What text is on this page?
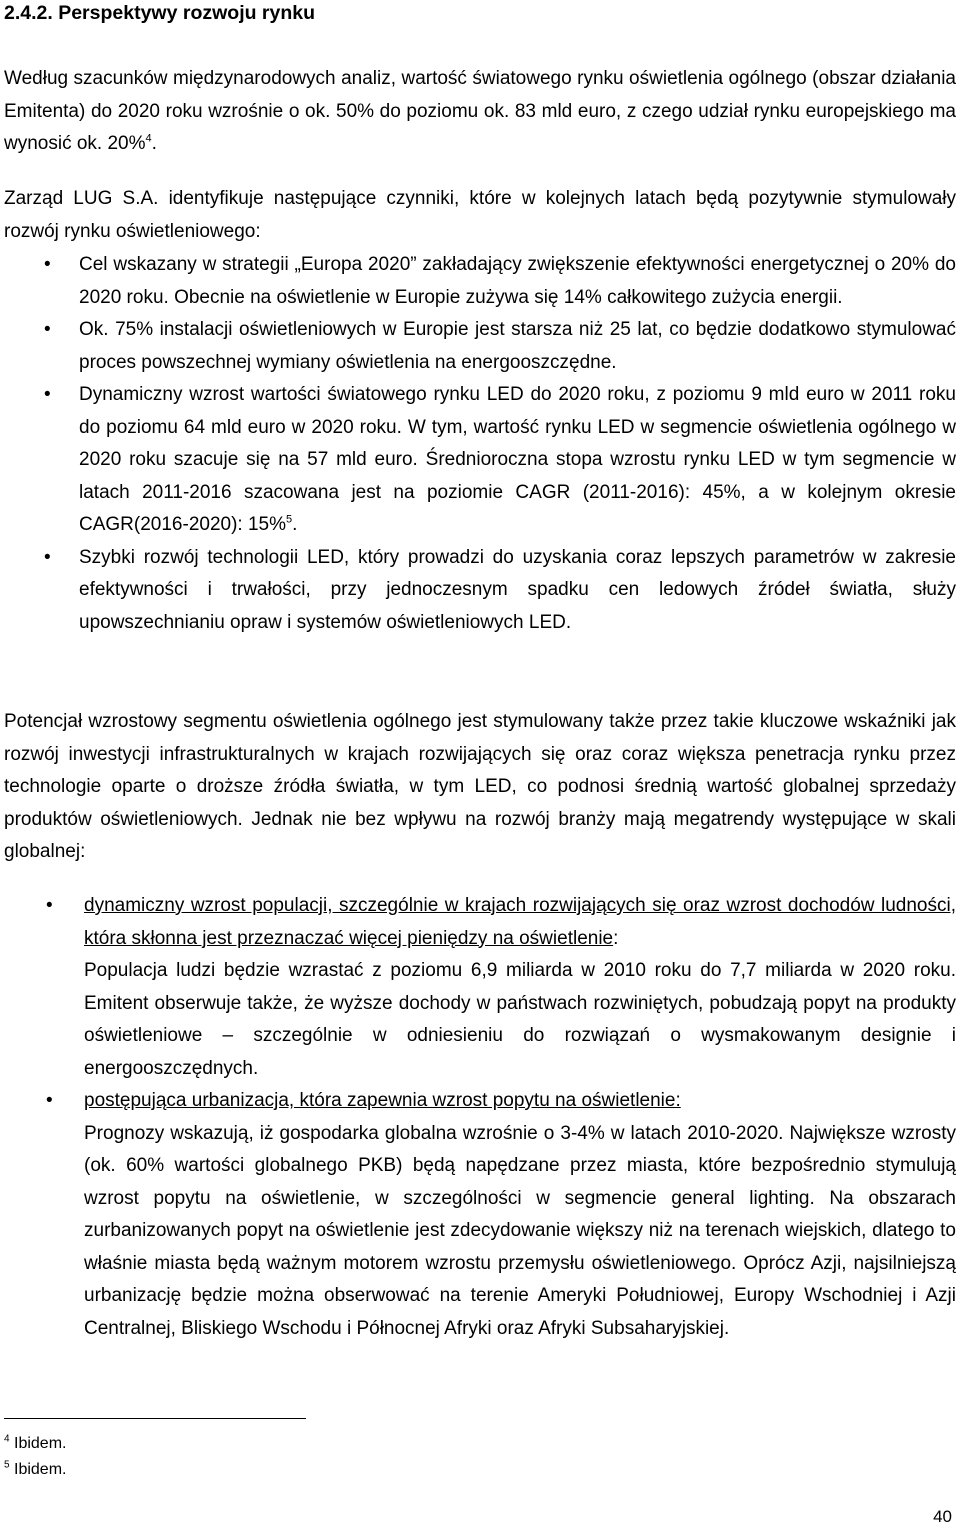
2.4.2. Perspektywy rozwoju rynku
Według szacunków międzynarodowych analiz, wartość światowego rynku oświetlenia ogólnego (obszar działania Emitenta) do 2020 roku wzrośnie o ok. 50% do poziomu ok. 83 mld euro, z czego udział rynku europejskiego ma wynosić ok. 20%$^4$.
Zarząd LUG S.A. identyfikuje następujące czynniki, które w kolejnych latach będą pozytywnie stymulowały rozwój rynku oświetleniowego:
• Cel wskazany w strategii „Europa 2020” zakładający zwiększenie efektywności energetycznej o 20% do 2020 roku. Obecnie na oświetlenie w Europie zużywa się 14% całkowitego zużycia energii.
• Ok. 75% instalacji oświetleniowych w Europie jest starsza niż 25 lat, co będzie dodatkowo stymulować proces powszechnej wymiany oświetlenia na energooszczędne.
• Dynamiczny wzrost wartości światowego rynku LED do 2020 roku, z poziomu 9 mld euro w 2011 roku do poziomu 64 mld euro w 2020 roku. W tym, wartość rynku LED w segmencie oświetlenia ogólnego w 2020 roku szacuje się na 57 mld euro. Średnioroczna stopa wzrostu rynku LED w tym segmencie w latach 2011-2016 szacowana jest na poziomie CAGR (2011-2016): 45%, a w kolejnym okresie CAGR(2016-2020): 15%$^5$.
• Szybki rozwój technologii LED, który prowadzi do uzyskania coraz lepszych parametrów w zakresie efektywności i trwałości, przy jednoczesnym spadku cen ledowych źródeł światła, służy upowszechnianiu opraw i systemów oświetleniowych LED.
Potencjał wzrostowy segmentu oświetlenia ogólnego jest stymulowany także przez takie kluczowe wskaźniki jak rozwój inwestycji infrastrukturalnych w krajach rozwijających się oraz coraz większa penetracja rynku przez technologie oparte o droższe źródła światła, w tym LED, co podnosi średnią wartość globalnej sprzedaży produktów oświetleniowych. Jednak nie bez wpływu na rozwój branży mają megatrendy występujące w skali globalnej:
• dynamiczny wzrost populacji, szczególnie w krajach rozwijających się oraz wzrost dochodów ludności, która skłonna jest przeznaczać więcej pieniędzy na oświetlenie:
Populacja ludzi będzie wzrastać z poziomu 6,9 miliarda w 2010 roku do 7,7 miliarda w 2020 roku. Emitent obserwuje także, że wyższe dochody w państwach rozwiniętych, pobudzają popyt na produkty oświetleniowe – szczególnie w odniesieniu do rozwiązań o wysmakowanym designie i energooszczędnych.
• postępująca urbanizacja, która zapewnia wzrost popytu na oświetlenie:
Prognozy wskazują, iż gospodarka globalna wzrośnie o 3-4% w latach 2010-2020. Największe wzrosty (ok. 60% wartości globalnego PKB) będą napędzane przez miasta, które bezpośrednio stymulują wzrost popytu na oświetlenie, w szczególności w segmencie general lighting. Na obszarach zurbanizowanych popyt na oświetlenie jest zdecydowanie większy niż na terenach wiejskich, dlatego to właśnie miasta będą ważnym motorem wzrostu przemysłu oświetleniowego. Oprócz Azji, najsilniejszą urbanizację będzie można obserwować na terenie Ameryki Południowej, Europy Wschodniej i Azji Centralnej, Bliskiego Wschodu i Północnej Afryki oraz Afryki Subsaharyjskiej.
$^4$ Ibidem.
$^5$ Ibidem.
40
